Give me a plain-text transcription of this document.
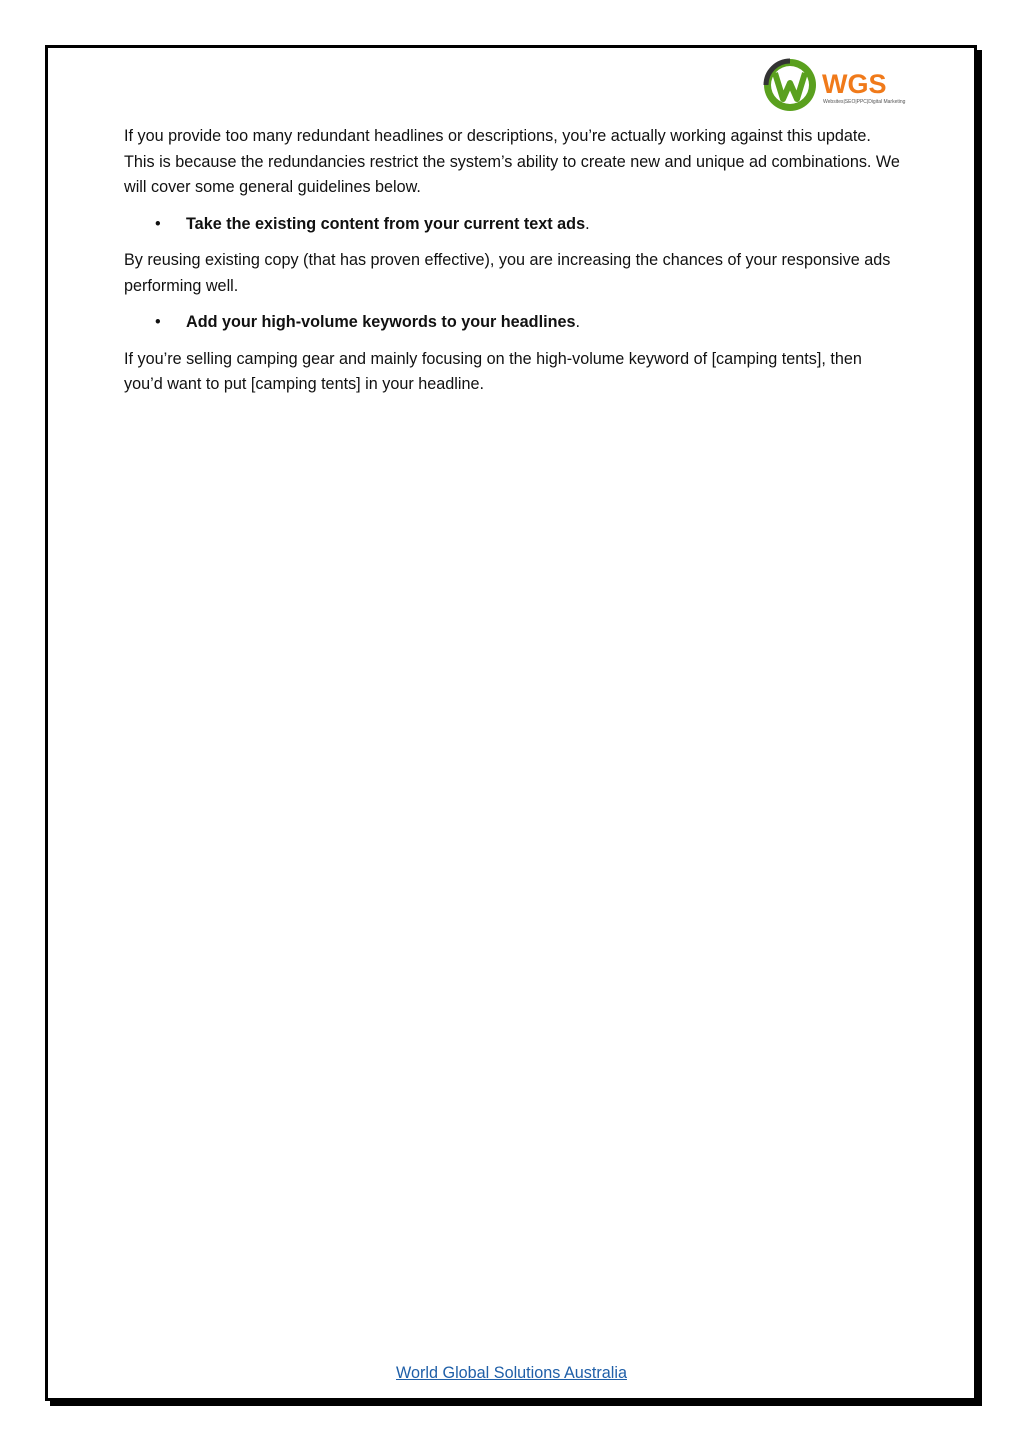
WGS
Websites|SEO|PPC|Digital Marketing

If you provide too many redundant headlines or descriptions, you’re actually working against this update. This is because the redundancies restrict the system’s ability to create new and unique ad combinations. We will cover some general guidelines below.

• Take the existing content from your current text ads.

By reusing existing copy (that has proven effective), you are increasing the chances of your responsive ads performing well.

• Add your high-volume keywords to your headlines.

If you’re selling camping gear and mainly focusing on the high-volume keyword of [camping tents], then you’d want to put [camping tents] in your headline.

World Global Solutions Australia
